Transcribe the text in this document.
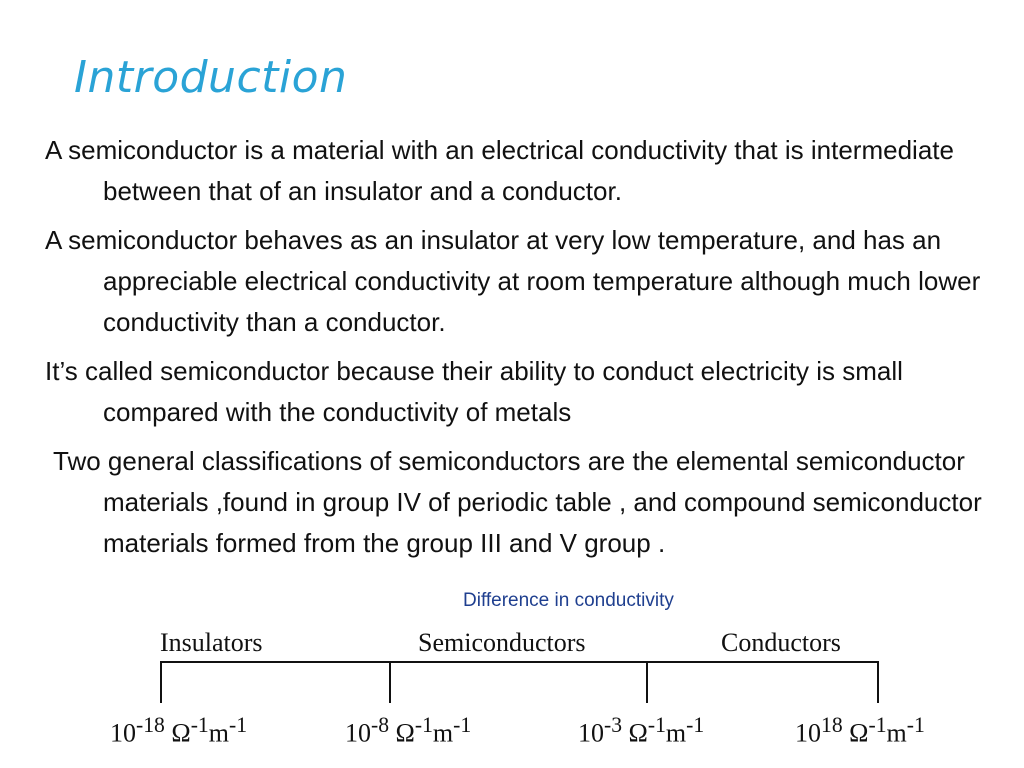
Introduction

A semiconductor is a material with an electrical conductivity that is intermediate between that of an insulator and a conductor.

A semiconductor behaves as an insulator at very low temperature, and has an appreciable electrical conductivity at room temperature although much lower conductivity than a conductor.

It’s called semiconductor because their ability to conduct electricity is small compared with the conductivity of metals

Two general classifications of semiconductors are the elemental semiconductor materials ,found in group IV of periodic table , and compound semiconductor materials formed from the group III and V group .

Difference in conductivity
Insulators	Semiconductors	Conductors
$10^{-18}$ $\Omega^{-1}m^{-1}$	$10^{-8}$ $\Omega^{-1}m^{-1}$	$10^{-3}$ $\Omega^{-1}m^{-1}$	$10^{18}$ $\Omega^{-1}m^{-1}$
